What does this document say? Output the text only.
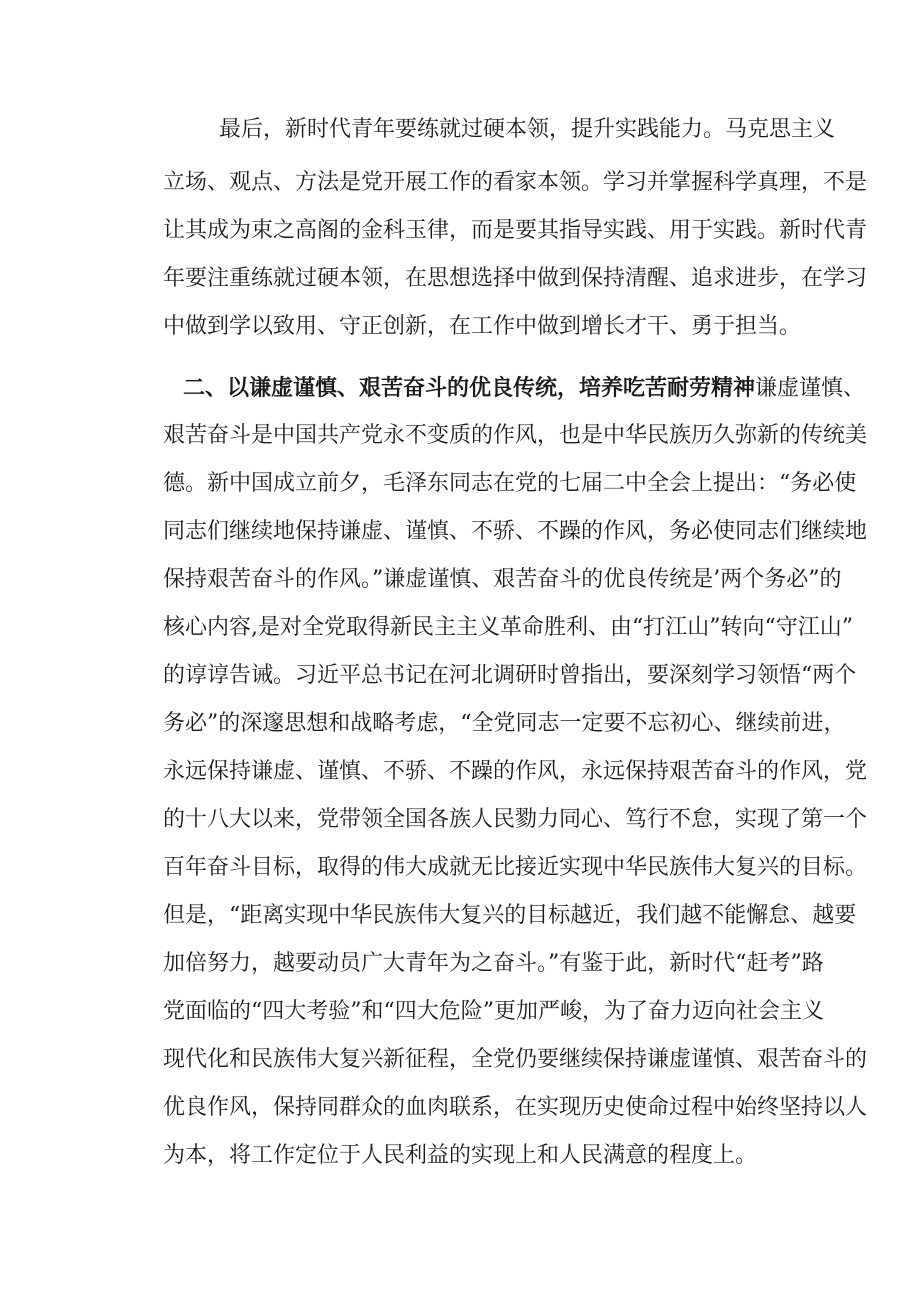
最后，新时代青年要练就过硬本领，提升实践能力。马克思主义
立场、观点、方法是党开展工作的看家本领。学习并掌握科学真理，不是
让其成为束之高阁的金科玉律，而是要其指导实践、用于实践。新时代青
年要注重练就过硬本领，在思想选择中做到保持清醒、追求进步，在学习
中做到学以致用、守正创新，在工作中做到增长才干、勇于担当。
二、以谦虚谨慎、艰苦奋斗的优良传统，培养吃苦耐劳精神谦虚谨慎、
艰苦奋斗是中国共产党永不变质的作风，也是中华民族历久弥新的传统美
德。新中国成立前夕，毛泽东同志在党的七届二中全会上提出：“务必使
同志们继续地保持谦虚、谨慎、不骄、不躁的作风，务必使同志们继续地
保持艰苦奋斗的作风。”谦虚谨慎、艰苦奋斗的优良传统是’两个务必”的
核心内容,是对全党取得新民主主义革命胜利、由“打江山”转向“守江山”
的谆谆告诫。习近平总书记在河北调研时曾指出，要深刻学习领悟“两个
务必”的深邃思想和战略考虑，“全党同志一定要不忘初心、继续前进，
永远保持谦虚、谨慎、不骄、不躁的作风，永远保持艰苦奋斗的作风，党
的十八大以来，党带领全国各族人民勠力同心、笃行不怠，实现了第一个
百年奋斗目标，取得的伟大成就无比接近实现中华民族伟大复兴的目标。
但是，“距离实现中华民族伟大复兴的目标越近，我们越不能懈怠、越要
加倍努力，越要动员广大青年为之奋斗。”有鉴于此，新时代“赶考”路
党面临的“四大考验”和“四大危险”更加严峻，为了奋力迈向社会主义
现代化和民族伟大复兴新征程，全党仍要继续保持谦虚谨慎、艰苦奋斗的
优良作风，保持同群众的血肉联系，在实现历史使命过程中始终坚持以人
为本，将工作定位于人民利益的实现上和人民满意的程度上。
